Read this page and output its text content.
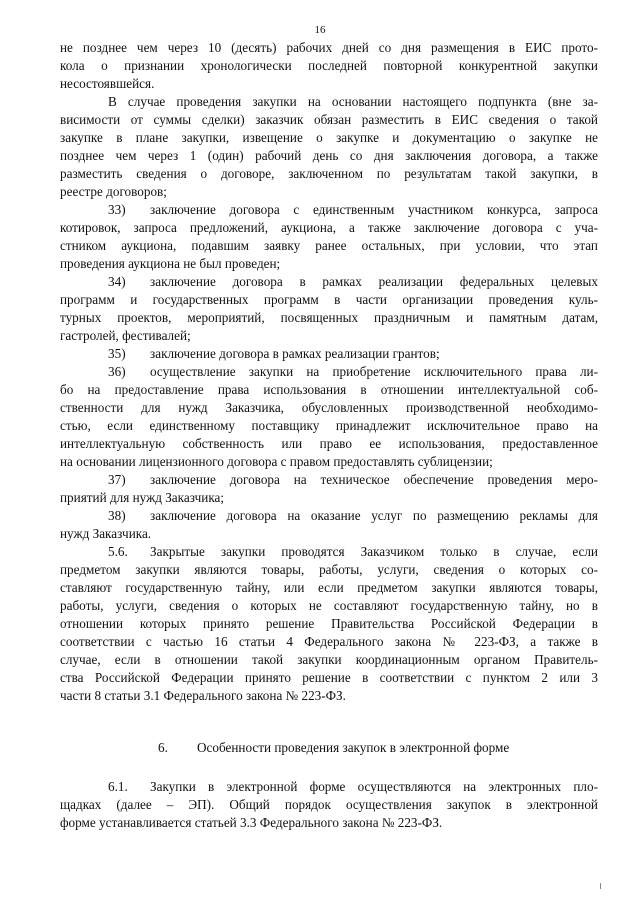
16
не позднее чем через 10 (десять) рабочих дней со дня размещения в ЕИС прото-
кола о признании хронологически последней повторной конкурентной закупки
несостоявшейся.
В случае проведения закупки на основании настоящего подпункта (вне за-
висимости от суммы сделки) заказчик обязан разместить в ЕИС сведения о такой
закупке в плане закупки, извещение о закупке и документацию о закупке не
позднее чем через 1 (один) рабочий день со дня заключения договора, а также
разместить сведения о договоре, заключенном по результатам такой закупки, в
реестре договоров;
33) заключение договора с единственным участником конкурса, запроса
котировок, запроса предложений, аукциона, а также заключение договора с уча-
стником аукциона, подавшим заявку ранее остальных, при условии, что этап
проведения аукциона не был проведен;
34) заключение договора в рамках реализации федеральных целевых
программ и государственных программ в части организации проведения куль-
турных проектов, мероприятий, посвященных праздничным и памятным датам,
гастролей, фестивалей;
35) заключение договора в рамках реализации грантов;
36) осуществление закупки на приобретение исключительного права ли-
бо на предоставление права использования в отношении интеллектуальной соб-
ственности для нужд Заказчика, обусловленных производственной необходимо-
стью, если единственному поставщику принадлежит исключительное право на
интеллектуальную собственность или право ее использования, предоставленное
на основании лицензионного договора с правом предоставлять сублицензии;
37) заключение договора на техническое обеспечение проведения меро-
приятий для нужд Заказчика;
38) заключение договора на оказание услуг по размещению рекламы для
нужд Заказчика.
5.6. Закрытые закупки проводятся Заказчиком только в случае, если
предметом закупки являются товары, работы, услуги, сведения о которых со-
ставляют государственную тайну, или если предметом закупки являются товары,
работы, услуги, сведения о которых не составляют государственную тайну, но в
отношении которых принято решение Правительства Российской Федерации в
соответствии с частью 16 статьи 4 Федерального закона № 223-ФЗ, а также в
случае, если в отношении такой закупки координационным органом Правитель-
ства Российской Федерации принято решение в соответствии с пунктом 2 или 3
части 8 статьи 3.1 Федерального закона № 223-ФЗ.
6. Особенности проведения закупок в электронной форме
6.1. Закупки в электронной форме осуществляются на электронных пло-
щадках (далее – ЭП). Общий порядок осуществления закупок в электронной
форме устанавливается статьей 3.3 Федерального закона № 223-ФЗ.
